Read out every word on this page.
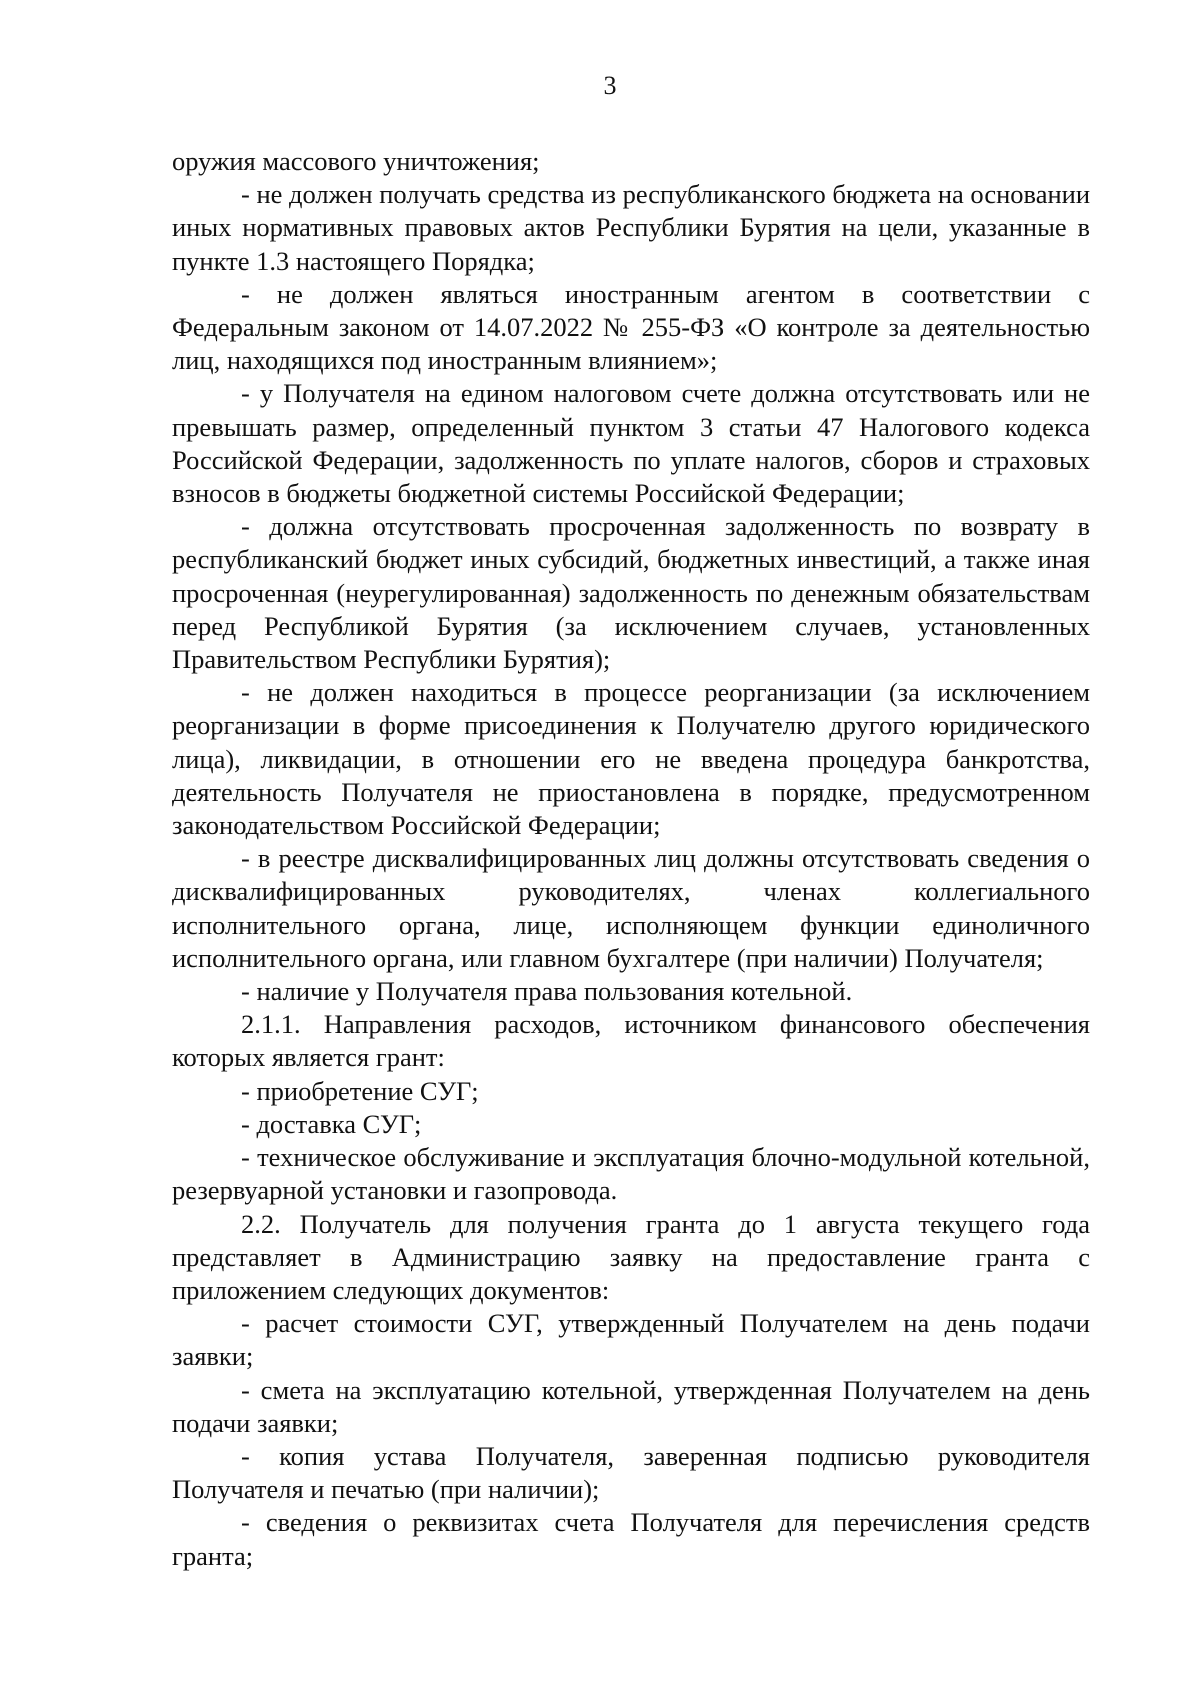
3

оружия массового уничтожения;

- не должен получать средства из республиканского бюджета на основании иных нормативных правовых актов Республики Бурятия на цели, указанные в пункте 1.3 настоящего Порядка;

- не должен являться иностранным агентом в соответствии с Федеральным законом от 14.07.2022 № 255-ФЗ «О контроле за деятельностью лиц, находящихся под иностранным влиянием»;

- у Получателя на едином налоговом счете должна отсутствовать или не превышать размер, определенный пунктом 3 статьи 47 Налогового кодекса Российской Федерации, задолженность по уплате налогов, сборов и страховых взносов в бюджеты бюджетной системы Российской Федерации;

- должна отсутствовать просроченная задолженность по возврату в республиканский бюджет иных субсидий, бюджетных инвестиций, а также иная просроченная (неурегулированная) задолженность по денежным обязательствам перед Республикой Бурятия (за исключением случаев, установленных Правительством Республики Бурятия);

- не должен находиться в процессе реорганизации (за исключением реорганизации в форме присоединения к Получателю другого юридического лица), ликвидации, в отношении его не введена процедура банкротства, деятельность Получателя не приостановлена в порядке, предусмотренном законодательством Российской Федерации;

- в реестре дисквалифицированных лиц должны отсутствовать сведения о дисквалифицированных руководителях, членах коллегиального исполнительного органа, лице, исполняющем функции единоличного исполнительного органа, или главном бухгалтере (при наличии) Получателя;

- наличие у Получателя права пользования котельной.

2.1.1. Направления расходов, источником финансового обеспечения которых является грант:

- приобретение СУГ;

- доставка СУГ;

- техническое обслуживание и эксплуатация блочно-модульной котельной, резервуарной установки и газопровода.

2.2. Получатель для получения гранта до 1 августа текущего года представляет в Администрацию заявку на предоставление гранта с приложением следующих документов:

- расчет стоимости СУГ, утвержденный Получателем на день подачи заявки;

- смета на эксплуатацию котельной, утвержденная Получателем на день подачи заявки;

- копия устава Получателя, заверенная подписью руководителя Получателя и печатью (при наличии);

- сведения о реквизитах счета Получателя для перечисления средств гранта;
